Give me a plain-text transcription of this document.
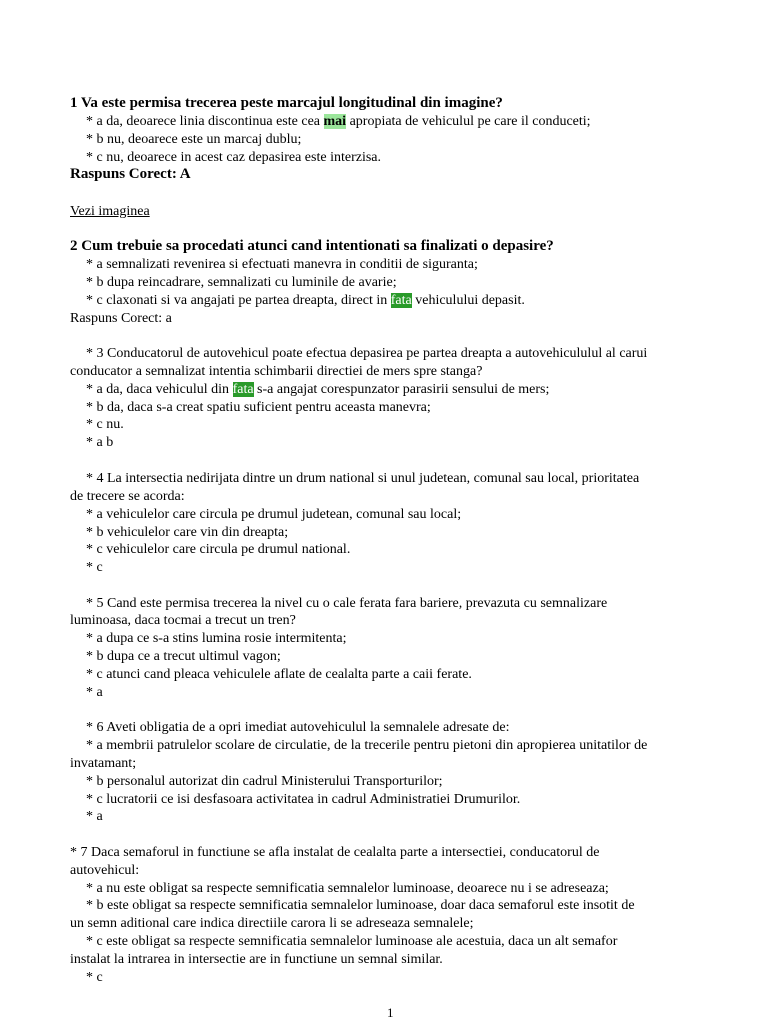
1 Va este permisa trecerea peste marcajul longitudinal din imagine?
* a da, deoarece linia discontinua este cea mai apropiata de vehiculul pe care il conduceti;
* b nu, deoarece este un marcaj dublu;
* c nu, deoarece in acest caz depasirea este interzisa.
Raspuns Corect: A
Vezi imaginea
2 Cum trebuie sa procedati atunci cand intentionati sa finalizati o depasire?
* a semnalizati revenirea si efectuati manevra in conditii de siguranta;
* b dupa reincadrare, semnalizati cu luminile de avarie;
* c claxonati si va angajati pe partea dreapta, direct in fata vehiculului depasit.
Raspuns Corect: a
* 3 Conducatorul de autovehicul poate efectua depasirea pe partea dreapta a autovehicululul al carui
conducator a semnalizat intentia schimbarii directiei de mers spre stanga?
* a da, daca vehiculul din fata s-a angajat corespunzator parasirii sensului de mers;
* b da, daca s-a creat spatiu suficient pentru aceasta manevra;
* c nu.
* a b
* 4 La intersectia nedirijata dintre un drum national si unul judetean, comunal sau local, prioritatea
de trecere se acorda:
* a vehiculelor care circula pe drumul judetean, comunal sau local;
* b vehiculelor care vin din dreapta;
* c vehiculelor care circula pe drumul national.
* c
* 5 Cand este permisa trecerea la nivel cu o cale ferata fara bariere, prevazuta cu semnalizare
luminoasa, daca tocmai a trecut un tren?
* a dupa ce s-a stins lumina rosie intermitenta;
* b dupa ce a trecut ultimul vagon;
* c atunci cand pleaca vehiculele aflate de cealalta parte a caii ferate.
* a
* 6 Aveti obligatia de a opri imediat autovehiculul la semnalele adresate de:
* a membrii patrulelor scolare de circulatie, de la trecerile pentru pietoni din apropierea unitatilor de
invatamant;
* b personalul autorizat din cadrul Ministerului Transporturilor;
* c lucratorii ce isi desfasoara activitatea in cadrul Administratiei Drumurilor.
* a
* 7 Daca semaforul in functiune se afla instalat de cealalta parte a intersectiei, conducatorul de
autovehicul:
* a nu este obligat sa respecte semnificatia semnalelor luminoase, deoarece nu i se adreseaza;
* b este obligat sa respecte semnificatia semnalelor luminoase, doar daca semaforul este insotit de
un semn aditional care indica directiile carora li se adreseaza semnalele;
* c este obligat sa respecte semnificatia semnalelor luminoase ale acestuia, daca un alt semafor
instalat la intrarea in intersectie are in functiune un semnal similar.
* c
1
